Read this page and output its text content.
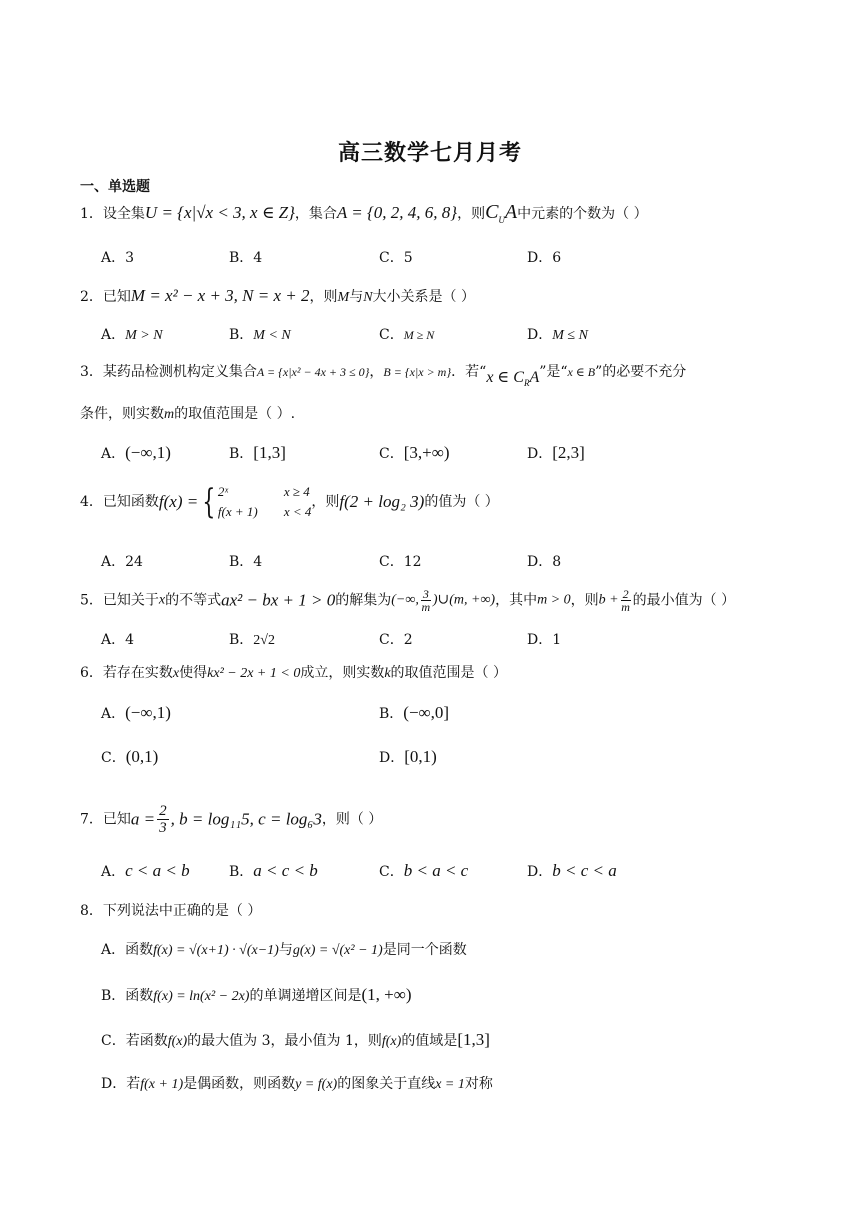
高三数学七月月考
一、单选题
1．设全集U = {x|√x < 3, x ∈ Z}，集合A = {0, 2, 4, 6, 8}，则$C_UA$中元素的个数为（ ）
A．3	B．4	C．5	D．6
2．已知M = x² − x + 3, N = x + 2，则M与N大小关系是（ ）
A．M > N	B．M < N	C．M ≥ N	D．M ≤ N
3．某药品检测机构定义集合A = {x|x² − 4x + 3 ≤ 0}，B = {x|x > m}．若“x ∈ $C_RA$”是“x ∈ B”的必要不充分
条件，则实数m的取值范围是（ ）.
A．(−∞,1)	B．[1,3]	C．[3,+∞)	D．[2,3]
4．已知函数f(x) = { 2ˣ	x ≥ 4
f(x + 1) x < 4
，则f(2 + log₂ 3)的值为（ ）
A．24	B．4	C．12	D．8
5．已知关于x的不等式ax² − bx + 1 > 0的解集为(−∞, $\frac{3}{m}$ )∪(m, +∞)，其中m > 0，则$b + \frac{2}{m}$ 的最小值为（ ）
A．4	B．2√2	C．2	D．1
6．若存在实数x使得kx² − 2x + 1 < 0成立，则实数k的取值范围是（ ）
A．(−∞,1)	B．(−∞,0]
C．(0,1)	D．[0,1)
7．已知$a = \frac{2}{3}$ , b = log₁₁5, c = log₆3，则（ ）
A．c < a < b	B．a < c < b	C．b < a < c	D．b < c < a
8．下列说法中正确的是（ ）
A．函数f(x) = √(x+1) · √(x−1)与g(x) = √(x² − 1)是同一个函数
B．函数f(x) = ln(x² − 2x)的单调递增区间是(1, +∞)
C．若函数f(x)的最大值为 3，最小值为 1，则f(x)的值域是[1,3]
D．若f(x + 1)是偶函数，则函数y = f(x)的图象关于直线x = 1对称
